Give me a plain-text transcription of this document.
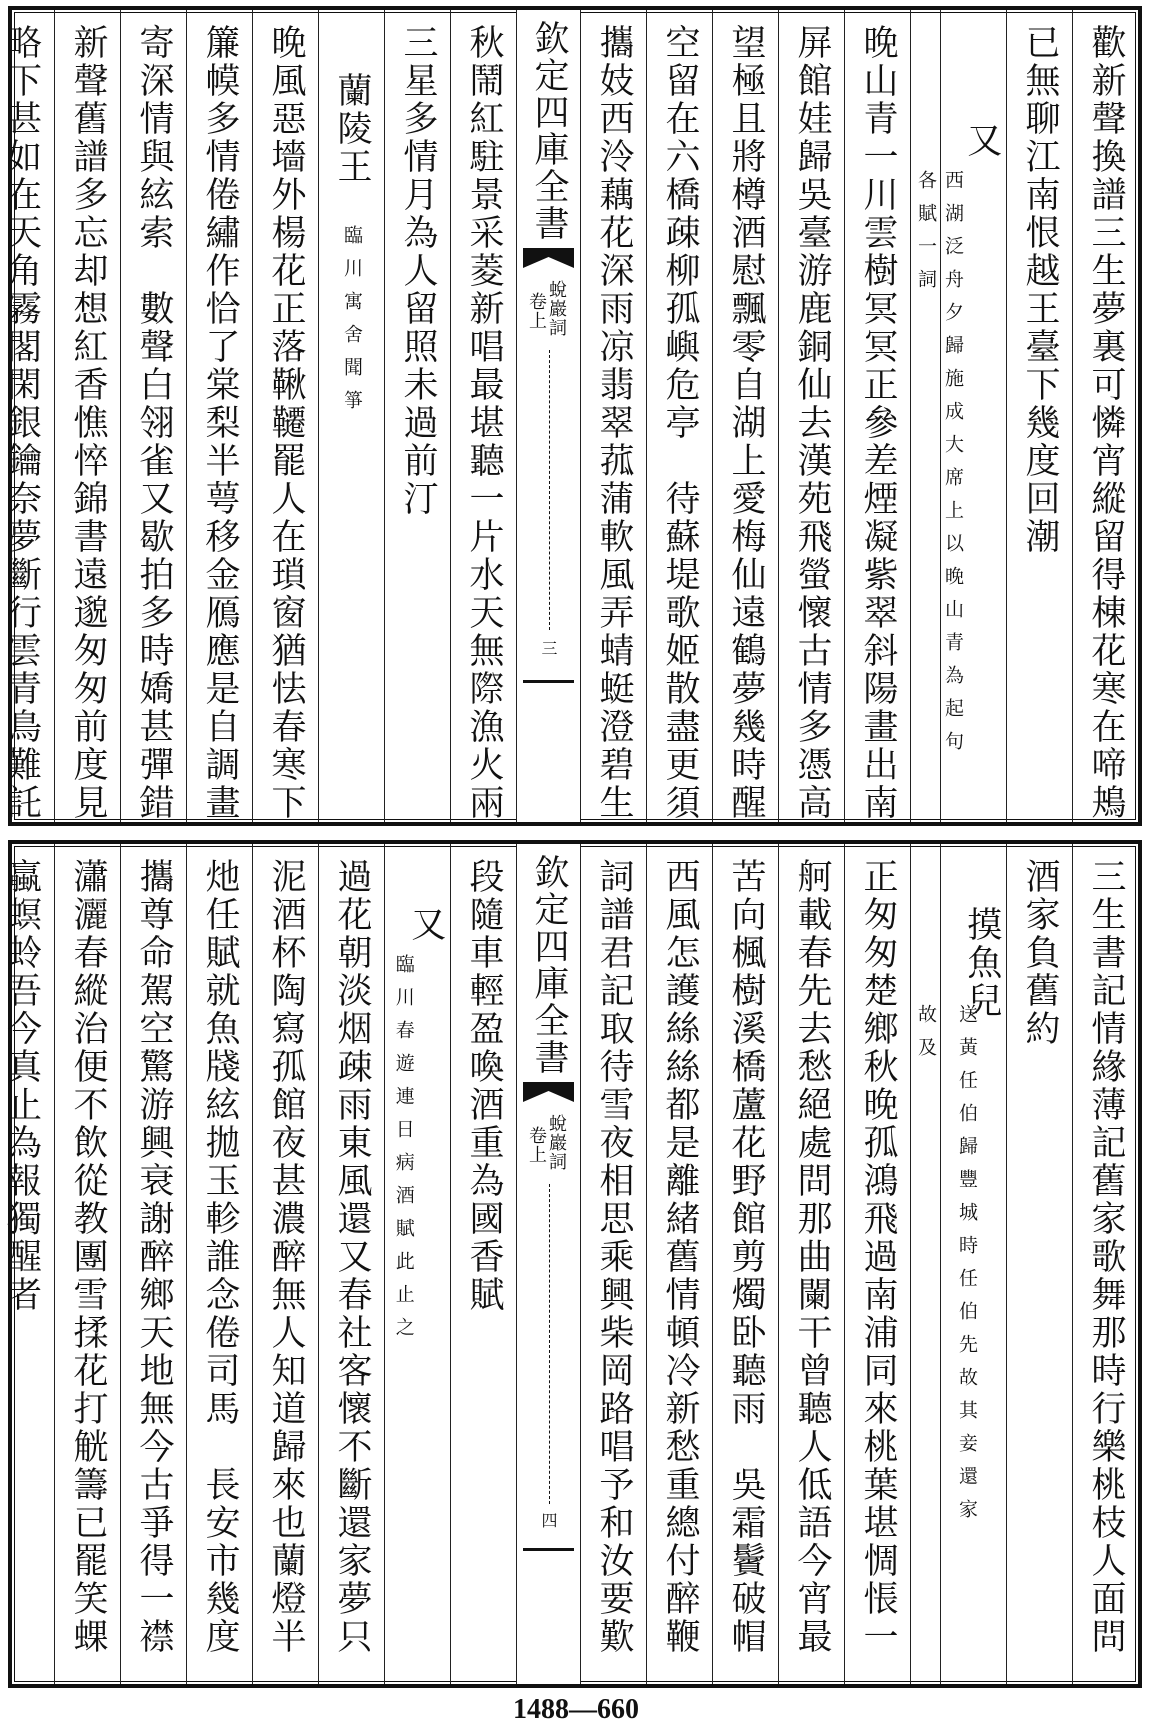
歡新聲換譜三生夢裏可憐宵縱留得棟花寒在啼鴂
已無聊江南恨越王臺下幾度回潮
又
西湖泛舟夕歸施成大席上以晚山青為起句
各賦一詞
晚山青一川雲樹冥冥正參差煙凝紫翠斜陽畫出南
屏館娃歸吳臺游鹿銅仙去漢苑飛螢懷古情多憑高
望極且將樽酒慰飄零自湖上愛梅仙遠鶴夢幾時醒
空留在六橋疎柳孤嶼危亭　待蘇堤歌姬散盡更須
攜妓西泠藕花深雨凉翡翠菰蒲軟風弄蜻蜓澄碧生
欽定四庫全書
蛻巖詞
卷上
三
秋鬧紅駐景采菱新唱最堪聽一片水天無際漁火兩
三星多情月為人留照未過前汀
蘭陵王
臨川寓舍聞箏
晚風惡墻外楊花正落鞦韆罷人在瑣窗猶怯春寒下
簾幙多情倦繡作恰了棠梨半萼移金鴈應是自調畫
寄深情與絃索　數聲白翎雀又歇拍多時嬌甚彈錯
新聲舊譜多忘却想紅香憔悴錦書遠邈匆匆前度見
略下甚如在天角霧閣閑銀鑰奈夢斷行雲青鳥難託
三生書記情緣薄記舊家歌舞那時行樂桃枝人面問
酒家負舊約
摸魚兒
送黃任伯歸豐城時任伯先故其妾還家
故及
正匆匆楚鄉秋晚孤鴻飛過南浦同來桃葉堪惆悵一
舸載春先去愁絕處問那曲闌干曾聽人低語今宵最
苦向楓樹溪橋蘆花野館剪燭卧聽雨　吳霜鬢破帽
西風怎護絲絲都是離緒舊情頓冷新愁重總付醉鞭
詞譜君記取待雪夜相思乘興柴岡路唱予和汝要歎
欽定四庫全書
蛻巖詞
卷上
四
段隨車輕盈喚酒重為國香賦
又
臨川春遊連日病酒賦此止之
過花朝淡烟疎雨東風還又春社客懷不斷還家夢只
泥酒杯陶寫孤館夜甚濃醉無人知道歸來也蘭燈半
灺任賦就魚牋絃拋玉軫誰念倦司馬　長安市幾度
攜尊命駕空驚游興衰謝醉鄉天地無今古爭得一襟
瀟灑春縱治便不飲從教團雪揉花打觥籌已罷笑蜾
蠃螟蛉吾今真止為報獨醒者
1488—660
